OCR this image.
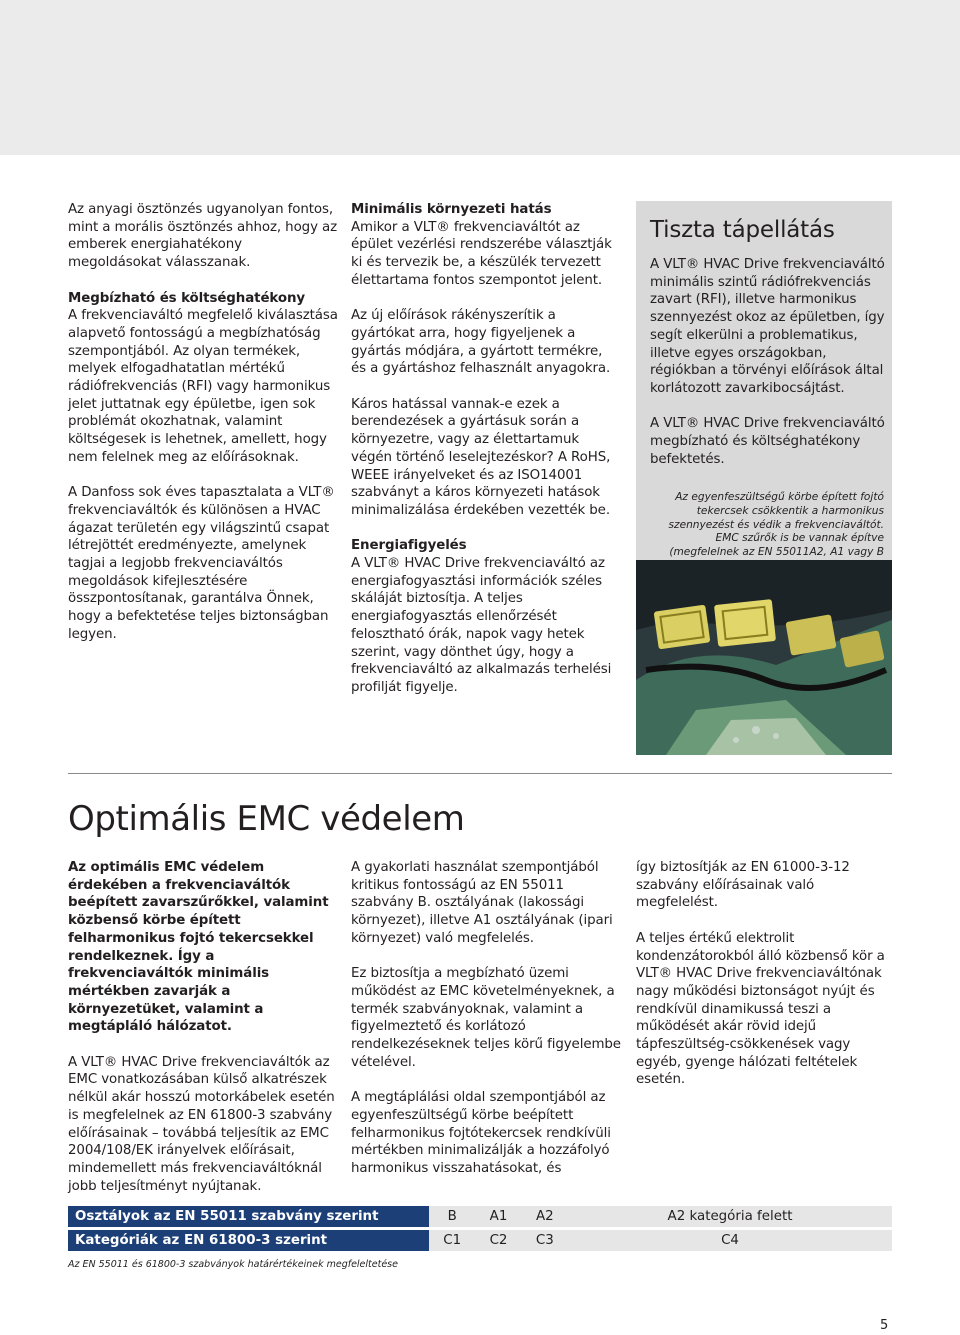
Az anyagi ösztönzés ugyanolyan fontos, mint a morális ösztönzés ahhoz, hogy az emberek energiahatékony megoldásokat válasszanak.

Megbízható és költséghatékony
A frekvenciaváltó megfelelő kiválasztása alapvető fontosságú a megbízhatóság szempontjából. Az olyan termékek, melyek elfogadhatatlan mértékű rádiófrekvenciás (RFI) vagy harmonikus jelet juttatnak egy épületbe, igen sok problémát okozhatnak, valamint költségesek is lehetnek, amellett, hogy nem felelnek meg az előírásoknak.

A Danfoss sok éves tapasztalata a VLT® frekvenciaváltók és különösen a HVAC ágazat területén egy világszintű csapat létrejöttét eredményezte, amelynek tagjai a legjobb frekvenciaváltós megoldások kifejlesztésére összpontosítanak, garantálva Önnek, hogy a befektetése teljes biztonságban legyen.

Minimális környezeti hatás
Amikor a VLT® frekvenciaváltót az épület vezérlési rendszerébe választják ki és tervezik be, a készülék tervezett élettartama fontos szempontot jelent.

Az új előírások rákényszerítik a gyártókat arra, hogy figyeljenek a gyártás módjára, a gyártott termékre, és a gyártáshoz felhasznált anyagokra.

Káros hatással vannak-e ezek a berendezések a gyártásuk során a környezetre, vagy az élettartamuk végén történő leselejtezéskor? A RoHS, WEEE irányelveket és az ISO14001 szabványt a káros környezeti hatások minimalizálása érdekében vezették be.

Energiafigyelés
A VLT® HVAC Drive frekvenciaváltó az energiafogyasztási információk széles skáláját biztosítja. A teljes energiafogyasztás ellenőrzését felosztható órák, napok vagy hetek szerint, vagy dönthet úgy, hogy a frekvenciaváltó az alkalmazás terhelési profilját figyelje.

Tiszta tápellátás

A VLT® HVAC Drive frekvenciaváltó minimális szintű rádiófrekvenciás zavart (RFI), illetve harmonikus szennyezést okoz az épületben, így segít elkerülni a problematikus, illetve egyes országokban, régiókban a törvényi előírások által korlátozott zavarkibocsájtást.

A VLT® HVAC Drive frekvenciaváltó megbízható és költséghatékony befektetés.

Az egyenfeszültségű körbe épített fojtó tekercsek csökkentik a harmonikus szennyezést és védik a frekvenciaváltót. EMC szűrők is be vannak építve (megfelelnek az EN 55011A2, A1 vagy B
Optimális EMC védelem

Az optimális EMC védelem érdekében a frekvenciaváltók beépített zavarszűrőkkel, valamint közbenső körbe épített felharmonikus fojtó tekercsekkel rendelkeznek. Így a frekvenciaváltók minimális mértékben zavarják a környezetüket, valamint a megtápláló hálózatot.

A VLT® HVAC Drive frekvenciaváltók az EMC vonatkozásában külső alkatrészek nélkül akár hosszú motorkábelek esetén is megfelelnek az EN 61800-3 szabvány előírásainak – továbbá teljesítik az EMC 2004/108/EK irányelvek előírásait, mindemellett más frekvenciaváltóknál jobb teljesítményt nyújtanak.

A gyakorlati használat szempontjából kritikus fontosságú az EN 55011 szabvány B. osztályának (lakossági környezet), illetve A1 osztályának (ipari környezet) való megfelelés.

Ez biztosítja a megbízható üzemi működést az EMC követelményeknek, a termék szabványoknak, valamint a figyelmeztető és korlátozó rendelkezéseknek teljes körű figyelembe vételével.

A megtáplálási oldal szempontjából az egyenfeszültségű körbe beépített felharmonikus fojtótekercsek rendkívüli mértékben minimalizálják a hozzáfolyó harmonikus visszahatásokat, és

így biztosítják az EN 61000-3-12 szabvány előírásainak való megfelelést.

A teljes értékű elektrolit kondenzátorokból álló közbenső kör a VLT® HVAC Drive frekvenciaváltónak nagy működési biztonságot nyújt és rendkívül dinamikussá teszi a működését akár rövid idejű tápfeszültség-csökkenések vagy egyéb, gyenge hálózati feltételek esetén.

Osztályok az EN 55011 szabvány szerint	B	A1	A2	A2 kategória felett
Kategóriák az EN 61800-3 szerint	C1	C2	C3	C4
Az EN 55011 és 61800-3 szabványok határértékeinek megfeleltetése
5
